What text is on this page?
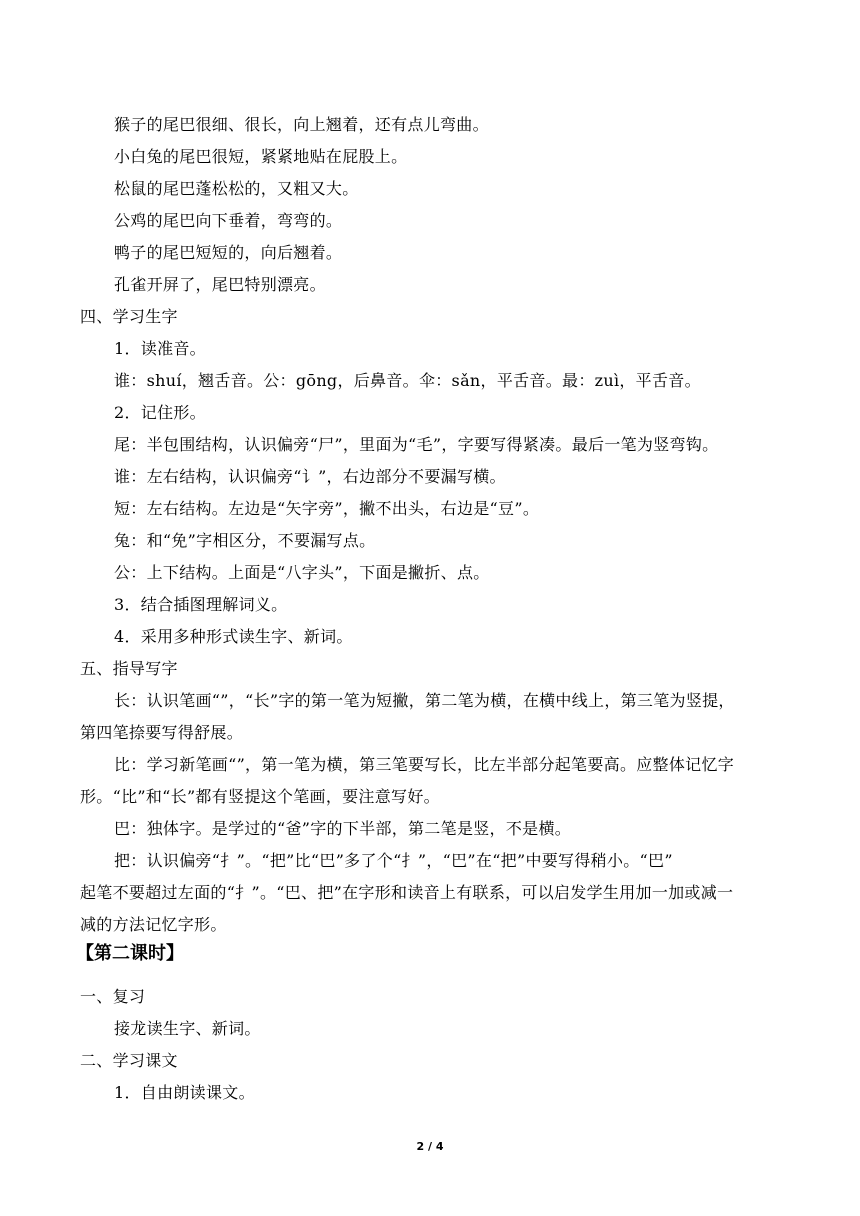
猴子的尾巴很细、很长，向上翘着，还有点儿弯曲。
小白兔的尾巴很短，紧紧地贴在屁股上。
松鼠的尾巴蓬松松的，又粗又大。
公鸡的尾巴向下垂着，弯弯的。
鸭子的尾巴短短的，向后翘着。
孔雀开屏了，尾巴特别漂亮。
四、学习生字
1．读准音。
谁：shuí，翘舌音。公：gōng，后鼻音。伞：sǎn，平舌音。最：zuì，平舌音。
2．记住形。
尾：半包围结构，认识偏旁“尸”，里面为“毛”，字要写得紧凑。最后一笔为竖弯钩。
谁：左右结构，认识偏旁“讠”，右边部分不要漏写横。
短：左右结构。左边是“矢字旁”，撇不出头，右边是“豆”。
兔：和“免”字相区分，不要漏写点。
公：上下结构。上面是“八字头”，下面是撇折、点。
3．结合插图理解词义。
4．采用多种形式读生字、新词。
五、指导写字
长：认识笔画“”，“长”字的第一笔为短撇，第二笔为横，在横中线上，第三笔为竖提，
第四笔捺要写得舒展。
比：学习新笔画“”，第一笔为横，第三笔要写长，比左半部分起笔要高。应整体记忆字
形。“比”和“长”都有竖提这个笔画，要注意写好。
巴：独体字。是学过的“爸”字的下半部，第二笔是竖，不是横。
把：认识偏旁“扌”。“把”比“巴”多了个“扌”，“巴”在“把”中要写得稍小。“巴”
起笔不要超过左面的“扌”。“巴、把”在字形和读音上有联系，可以启发学生用加一加或减一
减的方法记忆字形。
【第二课时】
一、复习
接龙读生字、新词。
二、学习课文
1．自由朗读课文。
2 / 4
